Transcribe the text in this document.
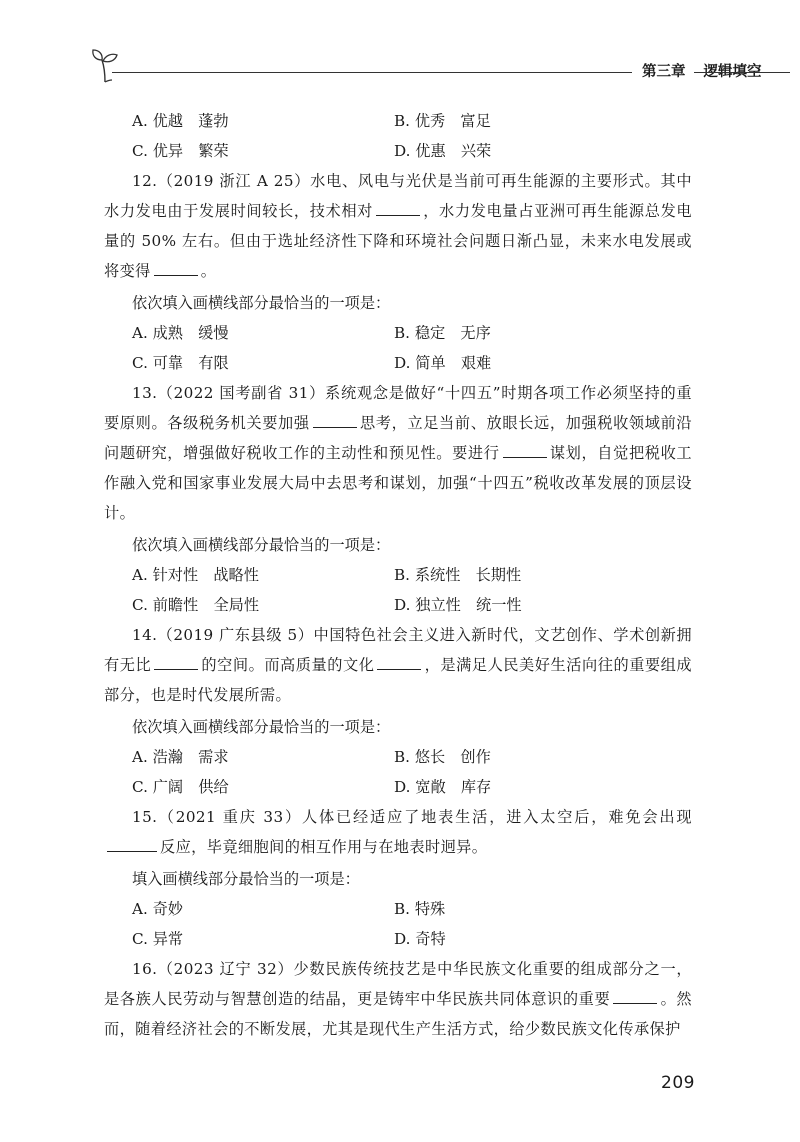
第三章 逻辑填空
A. 优越　蓬勃	B. 优秀　富足
C. 优异　繁荣	D. 优惠　兴荣

12.（2019 浙江 A 25）水电、风电与光伏是当前可再生能源的主要形式。其中水力发电由于发展时间较长，技术相对	，水力发电量占亚洲可再生能源总发电量的 50% 左右。但由于选址经济性下降和环境社会问题日渐凸显，未来水电发展或将变得	。

依次填入画横线部分最恰当的一项是：

A. 成熟　缓慢	B. 稳定　无序
C. 可靠　有限	D. 简单　艰难

13.（2022 国考副省 31）系统观念是做好“十四五”时期各项工作必须坚持的重要原则。各级税务机关要加强	思考，立足当前、放眼长远，加强税收领域前沿问题研究，增强做好税收工作的主动性和预见性。要进行	谋划，自觉把税收工作融入党和国家事业发展大局中去思考和谋划，加强“十四五”税收改革发展的顶层设计。

依次填入画横线部分最恰当的一项是：

A. 针对性　战略性	B. 系统性　长期性
C. 前瞻性　全局性	D. 独立性　统一性

14.（2019 广东县级 5）中国特色社会主义进入新时代，文艺创作、学术创新拥有无比	的空间。而高质量的文化	，是满足人民美好生活向往的重要组成部分，也是时代发展所需。

依次填入画横线部分最恰当的一项是：

A. 浩瀚　需求	B. 悠长　创作
C. 广阔　供给	D. 宽敞　库存

15.（2021 重庆 33）人体已经适应了地表生活，进入太空后，难免会出现反应，毕竟细胞间的相互作用与在地表时迥异。

填入画横线部分最恰当的一项是：

A. 奇妙	B. 特殊
C. 异常	D. 奇特

16.（2023 辽宁 32）少数民族传统技艺是中华民族文化重要的组成部分之一，是各族人民劳动与智慧创造的结晶，更是铸牢中华民族共同体意识的重要	。然而，随着经济社会的不断发展，尤其是现代生产生活方式，给少数民族文化传承保护

209
